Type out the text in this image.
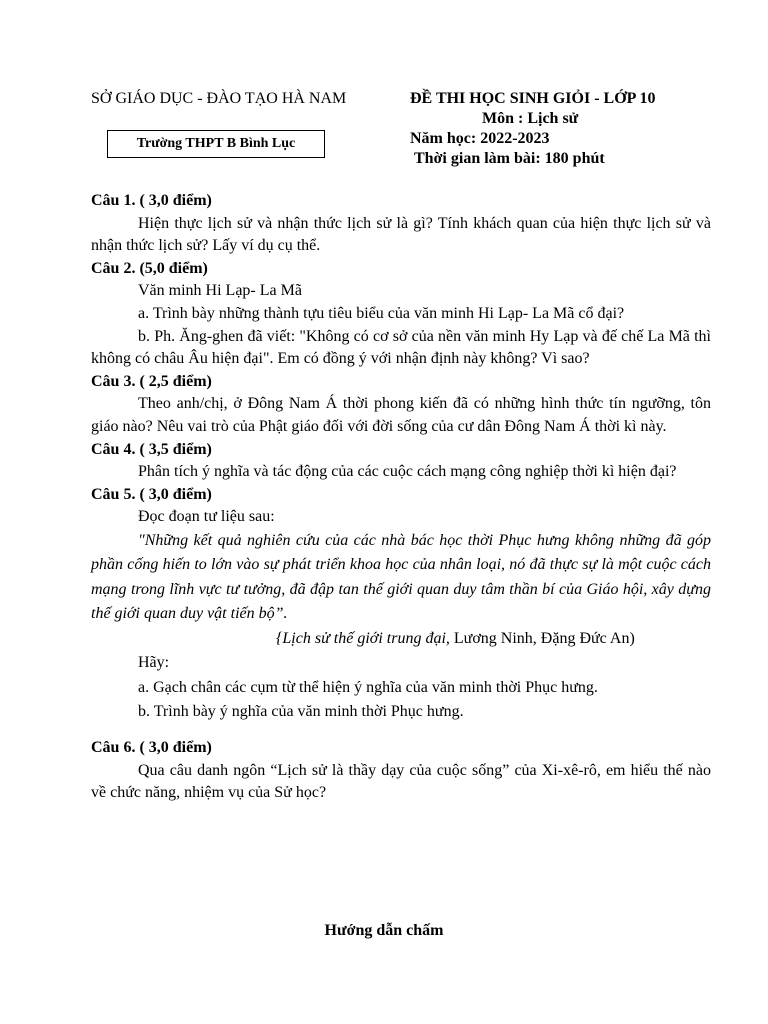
SỞ GIÁO DỤC - ĐÀO TẠO HÀ NAM
Trường THPT B Bình Lục
ĐỀ THI HỌC SINH GIỎI - LỚP 10
Môn : Lịch sử
Năm học: 2022-2023
Thời gian làm bài: 180 phút
Câu 1. ( 3,0 điểm)

Hiện thực lịch sử và nhận thức lịch sử là gì? Tính khách quan của hiện thực lịch sử và nhận thức lịch sử? Lấy ví dụ cụ thể.

Câu 2. (5,0 điểm)

Văn minh Hi Lạp- La Mã

a. Trình bày những thành tựu tiêu biểu của văn minh Hi Lạp- La Mã cổ đại?

b. Ph. Ăng-ghen đã viết: "Không có cơ sở của nền văn minh Hy Lạp và đế chế La Mã thì không có châu Âu hiện đại". Em có đồng ý với nhận định này không? Vì sao?

Câu 3. ( 2,5 điểm)

Theo anh/chị, ở Đông Nam Á thời phong kiến đã có những hình thức tín ngưỡng, tôn giáo nào? Nêu vai trò của Phật giáo đối với đời sống của cư dân Đông Nam Á thời kì này.

Câu 4. ( 3,5 điểm)

Phân tích ý nghĩa và tác động của các cuộc cách mạng công nghiệp thời kì hiện đại?

Câu 5. ( 3,0 điểm)

Đọc đoạn tư liệu sau:

"Những kết quả nghiên cứu của các nhà bác học thời Phục hưng không những đã góp phần cống hiến to lớn vào sự phát triển khoa học của nhân loại, nó đã thực sự là một cuộc cách mạng trong lĩnh vực tư tưởng, đã đập tan thế giới quan duy tâm thần bí của Giáo hội, xây dựng thế giới quan duy vật tiến bộ”.

{Lịch sử thế giới trung đại, Lương Ninh, Đặng Đức An)

Hãy:

a. Gạch chân các cụm từ thể hiện ý nghĩa của văn minh thời Phục hưng.

b. Trình bày ý nghĩa của văn minh thời Phục hưng.

Câu 6. ( 3,0 điểm)

Qua câu danh ngôn “Lịch sử là thầy dạy của cuộc sống” của Xi-xê-rô, em hiểu thế nào về chức năng, nhiệm vụ của Sử học?

Hướng dẫn chấm
